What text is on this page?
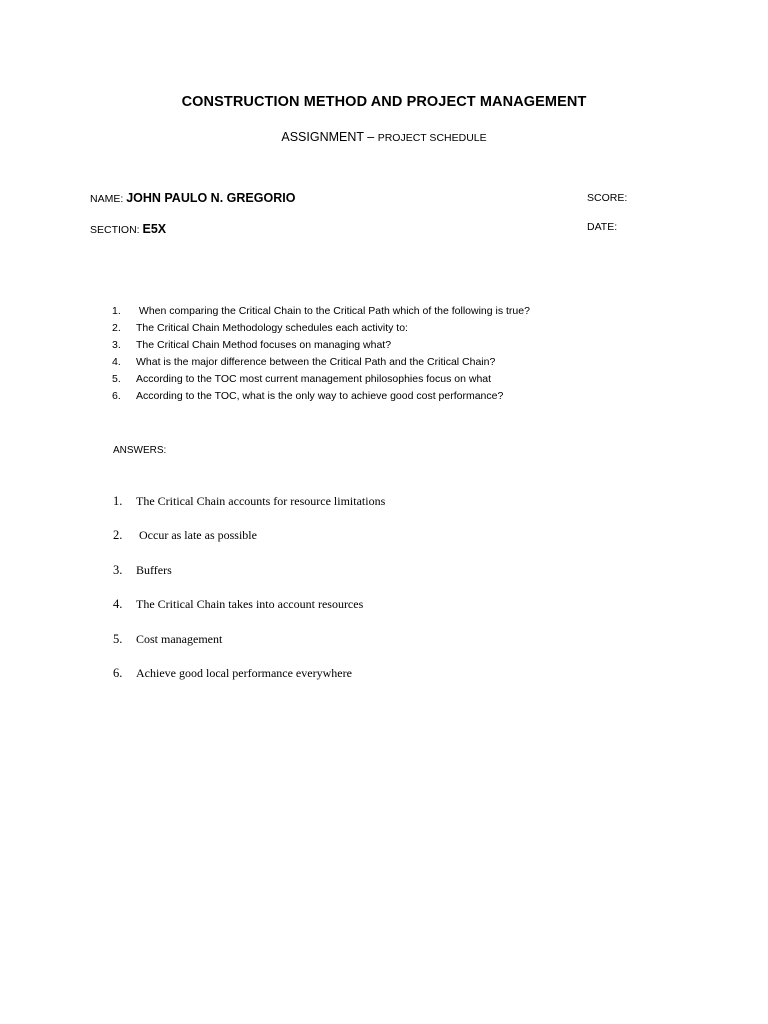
CONSTRUCTION METHOD AND PROJECT MANAGEMENT
ASSIGNMENT – PROJECT SCHEDULE
NAME: JOHN PAULO N. GREGORIO
SECTION: E5X
SCORE:
DATE:
1. When comparing the Critical Chain to the Critical Path which of the following is true?
2. The Critical Chain Methodology schedules each activity to:
3. The Critical Chain Method focuses on managing what?
4. What is the major difference between the Critical Path and the Critical Chain?
5. According to the TOC most current management philosophies focus on what
6. According to the TOC, what is the only way to achieve good cost performance?
ANSWERS:
1. The Critical Chain accounts for resource limitations
2. Occur as late as possible
3. Buffers
4. The Critical Chain takes into account resources
5. Cost management
6. Achieve good local performance everywhere
